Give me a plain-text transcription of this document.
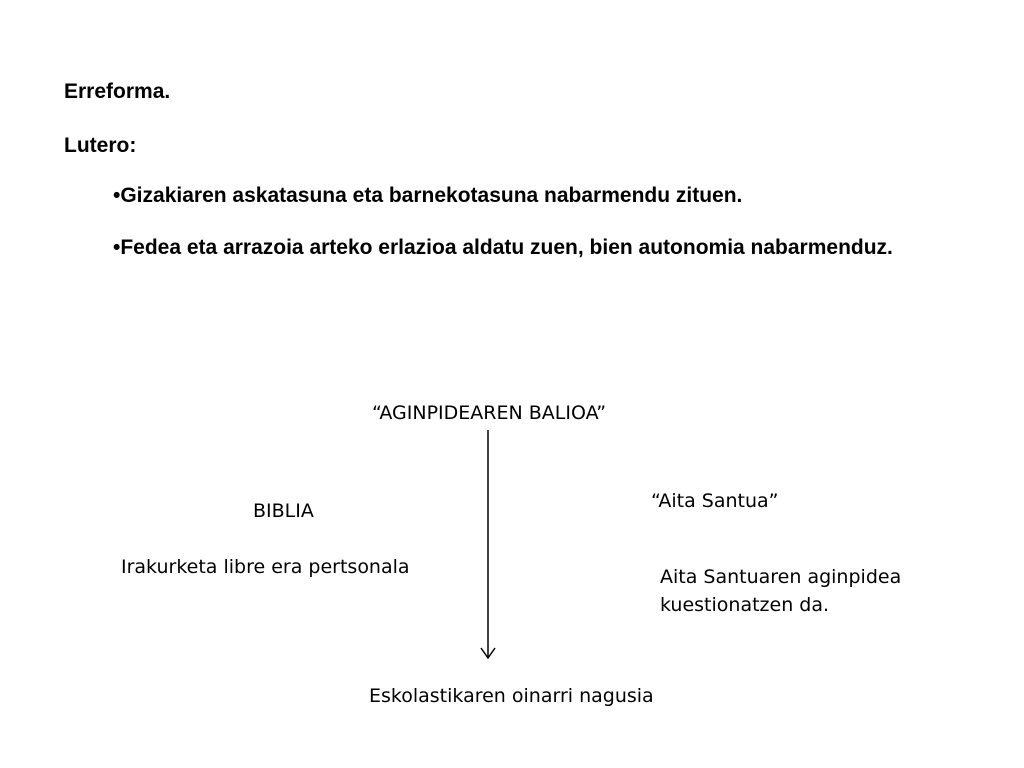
Erreforma.
Lutero:
•Gizakiaren askatasuna eta barnekotasuna nabarmendu zituen.
•Fedea eta arrazoia arteko erlazioa aldatu zuen, bien autonomia nabarmenduz.
“AGINPIDEAREN BALIOA”
BIBLIA
Irakurketa libre era pertsonala
“Aita Santua”
Aita Santuaren aginpidea kuestionatzen da.
Eskolastikaren oinarri nagusia
